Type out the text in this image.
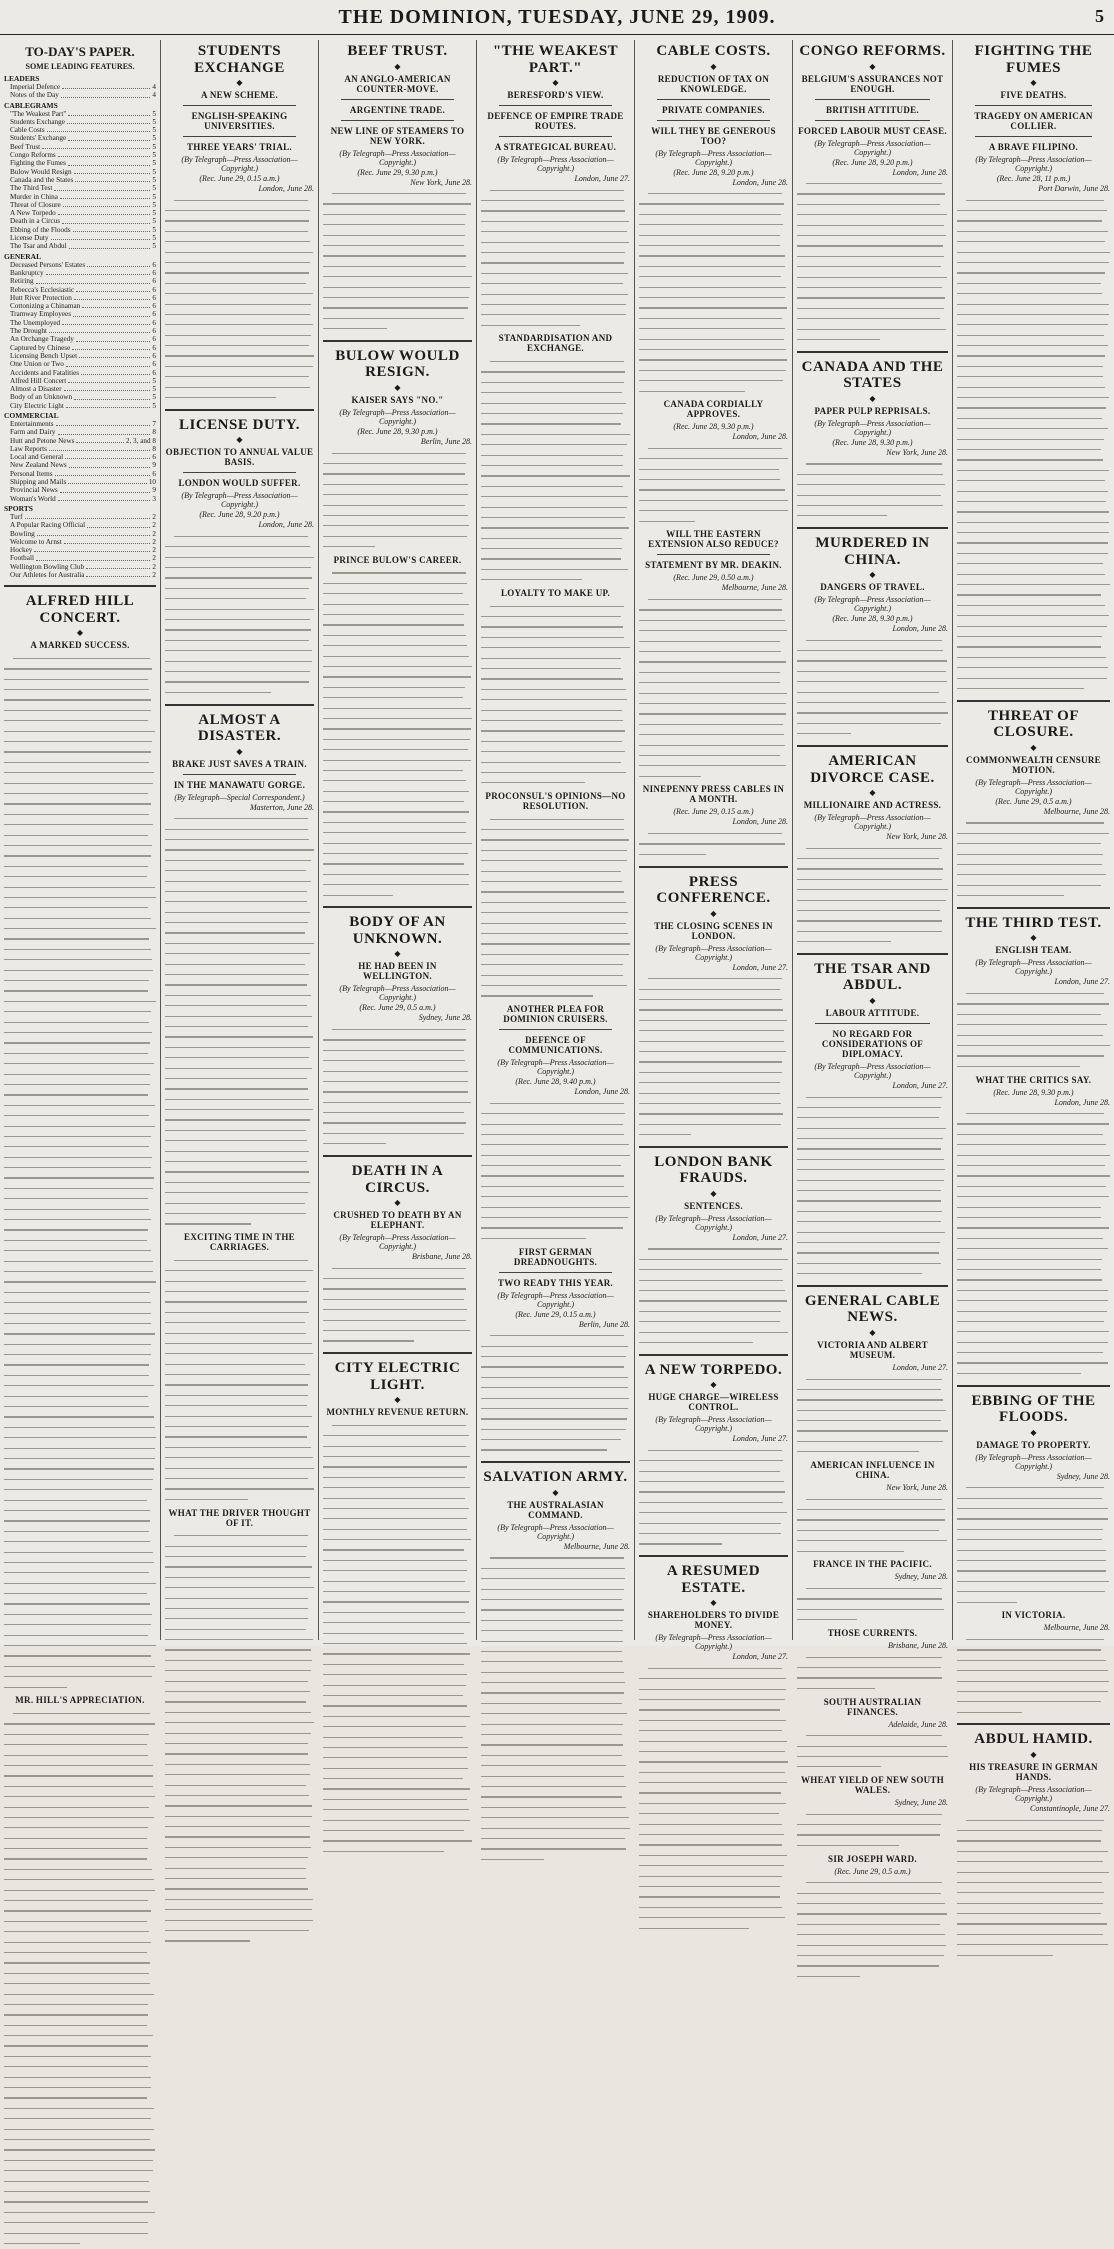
THE DOMINION, TUESDAY, JUNE 29, 1909.	5
TO-DAY'S PAPER.
SOME LEADING FEATURES.
LEADERS
Imperial Defence	4
Notes of the Day	4
CABLEGRAMS
"The Weakest Part"	5
Students Exchange	5
Cable Costs	5
Students' Exchange	5
Beef Trust	5
Congo Reforms	5
Fighting the Fumes	5
Bulow Would Resign	5
Canada and the States	5
The Third Test	5
Murder in China	5
Threat of Closure	5
A New Torpedo	5
Death in a Circus	5
Ebbing of the Floods	5
License Duty	5
The Tsar and Abdul	5
GENERAL
Deceased Persons' Estates	6
Bankruptcy	6
Retiring	6
Rebecca's Ecclesiastic	6
Hutt River Protection	6
Cottonizing a Chinaman	6
Tramway Employees	6
The Unemployed	6
The Drought	6
An Orchange Tragedy	6
Captured by Chinese	6
Licensing Bench Upset	6
One Union or Two	6
Accidents and Fatalities	6
Alfred Hill Concert	5
Almost a Disaster	5
Body of an Unknown	5
City Electric Light	5
COMMERCIAL
Entertainments	7
Farm and Dairy	8
Hutt and Petone News	2, 3, and 8
Law Reports	8
Local and General	6
New Zealand News	9
Personal Items	6
Shipping and Mails	10
Provincial News	9
Woman's World	3
SPORTS
Turf	2
A Popular Racing Official	2
Bowling	2
Welcome to Arnst	2
Hockey	2
Football	2
Wellington Bowling Club	2
Our Athletes for Australia	2
ALFRED HILL CONCERT.
◆
A MARKED SUCCESS.
MR. HILL'S APPRECIATION.
STUDENTS EXCHANGE
◆
A NEW SCHEME.
ENGLISH-SPEAKING UNIVERSITIES.
THREE YEARS' TRIAL.
(By Telegraph—Press Association—Copyright.)
(Rec. June 29, 0.15 a.m.)
London, June 28.
LICENSE DUTY.
◆
OBJECTION TO ANNUAL VALUE BASIS.
LONDON WOULD SUFFER.
(By Telegraph—Press Association—Copyright.)
(Rec. June 28, 9.20 p.m.)
London, June 28.
ALMOST A DISASTER.
◆
BRAKE JUST SAVES A TRAIN.
IN THE MANAWATU GORGE.
(By Telegraph—Special Correspondent.)
Masterton, June 28.
EXCITING TIME IN THE CARRIAGES.
WHAT THE DRIVER THOUGHT OF IT.
BEEF TRUST.
◆
AN ANGLO-AMERICAN COUNTER-MOVE.
ARGENTINE TRADE.
NEW LINE OF STEAMERS TO NEW YORK.
(By Telegraph—Press Association—Copyright.)
(Rec. June 29, 9.30 p.m.)
New York, June 28.
BULOW WOULD RESIGN.
◆
KAISER SAYS "NO."
(By Telegraph—Press Association—Copyright.)
(Rec. June 28, 9.30 p.m.)
Berlin, June 28.
PRINCE BULOW'S CAREER.
BODY OF AN UNKNOWN.
◆
HE HAD BEEN IN WELLINGTON.
(By Telegraph—Press Association—Copyright.)
(Rec. June 29, 0.5 a.m.)
Sydney, June 28.
DEATH IN A CIRCUS.
◆
CRUSHED TO DEATH BY AN ELEPHANT.
(By Telegraph—Press Association—Copyright.)
Brisbane, June 28.
CITY ELECTRIC LIGHT.
◆
MONTHLY REVENUE RETURN.
"THE WEAKEST PART."
◆
BERESFORD'S VIEW.
DEFENCE OF EMPIRE TRADE ROUTES.
A STRATEGICAL BUREAU.
(By Telegraph—Press Association—Copyright.)
London, June 27.
STANDARDISATION AND EXCHANGE.
LOYALTY TO MAKE UP.
PROCONSUL'S OPINIONS—NO RESOLUTION.
ANOTHER PLEA FOR DOMINION CRUISERS.
DEFENCE OF COMMUNICATIONS.
(By Telegraph—Press Association—Copyright.)
(Rec. June 28, 9.40 p.m.)
London, June 28.
FIRST GERMAN DREADNOUGHTS.
TWO READY THIS YEAR.
(By Telegraph—Press Association—Copyright.)
(Rec. June 29, 0.15 a.m.)
Berlin, June 28.
SALVATION ARMY.
◆
THE AUSTRALASIAN COMMAND.
(By Telegraph—Press Association—Copyright.)
Melbourne, June 28.
CABLE COSTS.
◆
REDUCTION OF TAX ON KNOWLEDGE.
PRIVATE COMPANIES.
WILL THEY BE GENEROUS TOO?
(By Telegraph—Press Association—Copyright.)
(Rec. June 28, 9.20 p.m.)
London, June 28.
CANADA CORDIALLY APPROVES.
(Rec. June 28, 9.30 p.m.)
London, June 28.
WILL THE EASTERN EXTENSION ALSO REDUCE?
STATEMENT BY MR. DEAKIN.
(Rec. June 29, 0.50 a.m.)
Melbourne, June 28.
NINEPENNY PRESS CABLES IN A MONTH.
(Rec. June 29, 0.15 a.m.)
London, June 28.
PRESS CONFERENCE.
◆
THE CLOSING SCENES IN LONDON.
(By Telegraph—Press Association—Copyright.)
London, June 27.
LONDON BANK FRAUDS.
◆
SENTENCES.
(By Telegraph—Press Association—Copyright.)
London, June 27.
A NEW TORPEDO.
◆
HUGE CHARGE—WIRELESS CONTROL.
(By Telegraph—Press Association—Copyright.)
London, June 27.
A RESUMED ESTATE.
◆
SHAREHOLDERS TO DIVIDE MONEY.
(By Telegraph—Press Association—Copyright.)
London, June 27.
CONGO REFORMS.
◆
BELGIUM'S ASSURANCES NOT ENOUGH.
BRITISH ATTITUDE.
FORCED LABOUR MUST CEASE.
(By Telegraph—Press Association—Copyright.)
(Rec. June 28, 9.20 p.m.)
London, June 28.
CANADA AND THE STATES
◆
PAPER PULP REPRISALS.
(By Telegraph—Press Association—Copyright.)
(Rec. June 28, 9.30 p.m.)
New York, June 28.
MURDERED IN CHINA.
◆
DANGERS OF TRAVEL.
(By Telegraph—Press Association—Copyright.)
(Rec. June 28, 9.30 p.m.)
London, June 28.
AMERICAN DIVORCE CASE.
◆
MILLIONAIRE AND ACTRESS.
(By Telegraph—Press Association—Copyright.)
New York, June 28.
THE TSAR AND ABDUL.
◆
LABOUR ATTITUDE.
NO REGARD FOR CONSIDERATIONS OF DIPLOMACY.
(By Telegraph—Press Association—Copyright.)
London, June 27.
GENERAL CABLE NEWS.
◆
VICTORIA AND ALBERT MUSEUM.
London, June 27.
AMERICAN INFLUENCE IN CHINA.
New York, June 28.
FRANCE IN THE PACIFIC.
Sydney, June 28.
THOSE CURRENTS.
Brisbane, June 28.
SOUTH AUSTRALIAN FINANCES.
Adelaide, June 28.
WHEAT YIELD OF NEW SOUTH WALES.
Sydney, June 28.
SIR JOSEPH WARD.
(Rec. June 29, 0.5 a.m.)
FIGHTING THE FUMES
◆
FIVE DEATHS.
TRAGEDY ON AMERICAN COLLIER.
A BRAVE FILIPINO.
(By Telegraph—Press Association—Copyright.)
(Rec. June 28, 11 p.m.)
Port Darwin, June 28.
THREAT OF CLOSURE.
◆
COMMONWEALTH CENSURE MOTION.
(By Telegraph—Press Association—Copyright.)
(Rec. June 29, 0.5 a.m.)
Melbourne, June 28.
THE THIRD TEST.
◆
ENGLISH TEAM.
(By Telegraph—Press Association—Copyright.)
London, June 27.
WHAT THE CRITICS SAY.
(Rec. June 28, 9.30 p.m.)
London, June 28.
EBBING OF THE FLOODS.
◆
DAMAGE TO PROPERTY.
(By Telegraph—Press Association—Copyright.)
Sydney, June 28.
IN VICTORIA.
Melbourne, June 28.
ABDUL HAMID.
◆
HIS TREASURE IN GERMAN HANDS.
(By Telegraph—Press Association—Copyright.)
Constantinople, June 27.
